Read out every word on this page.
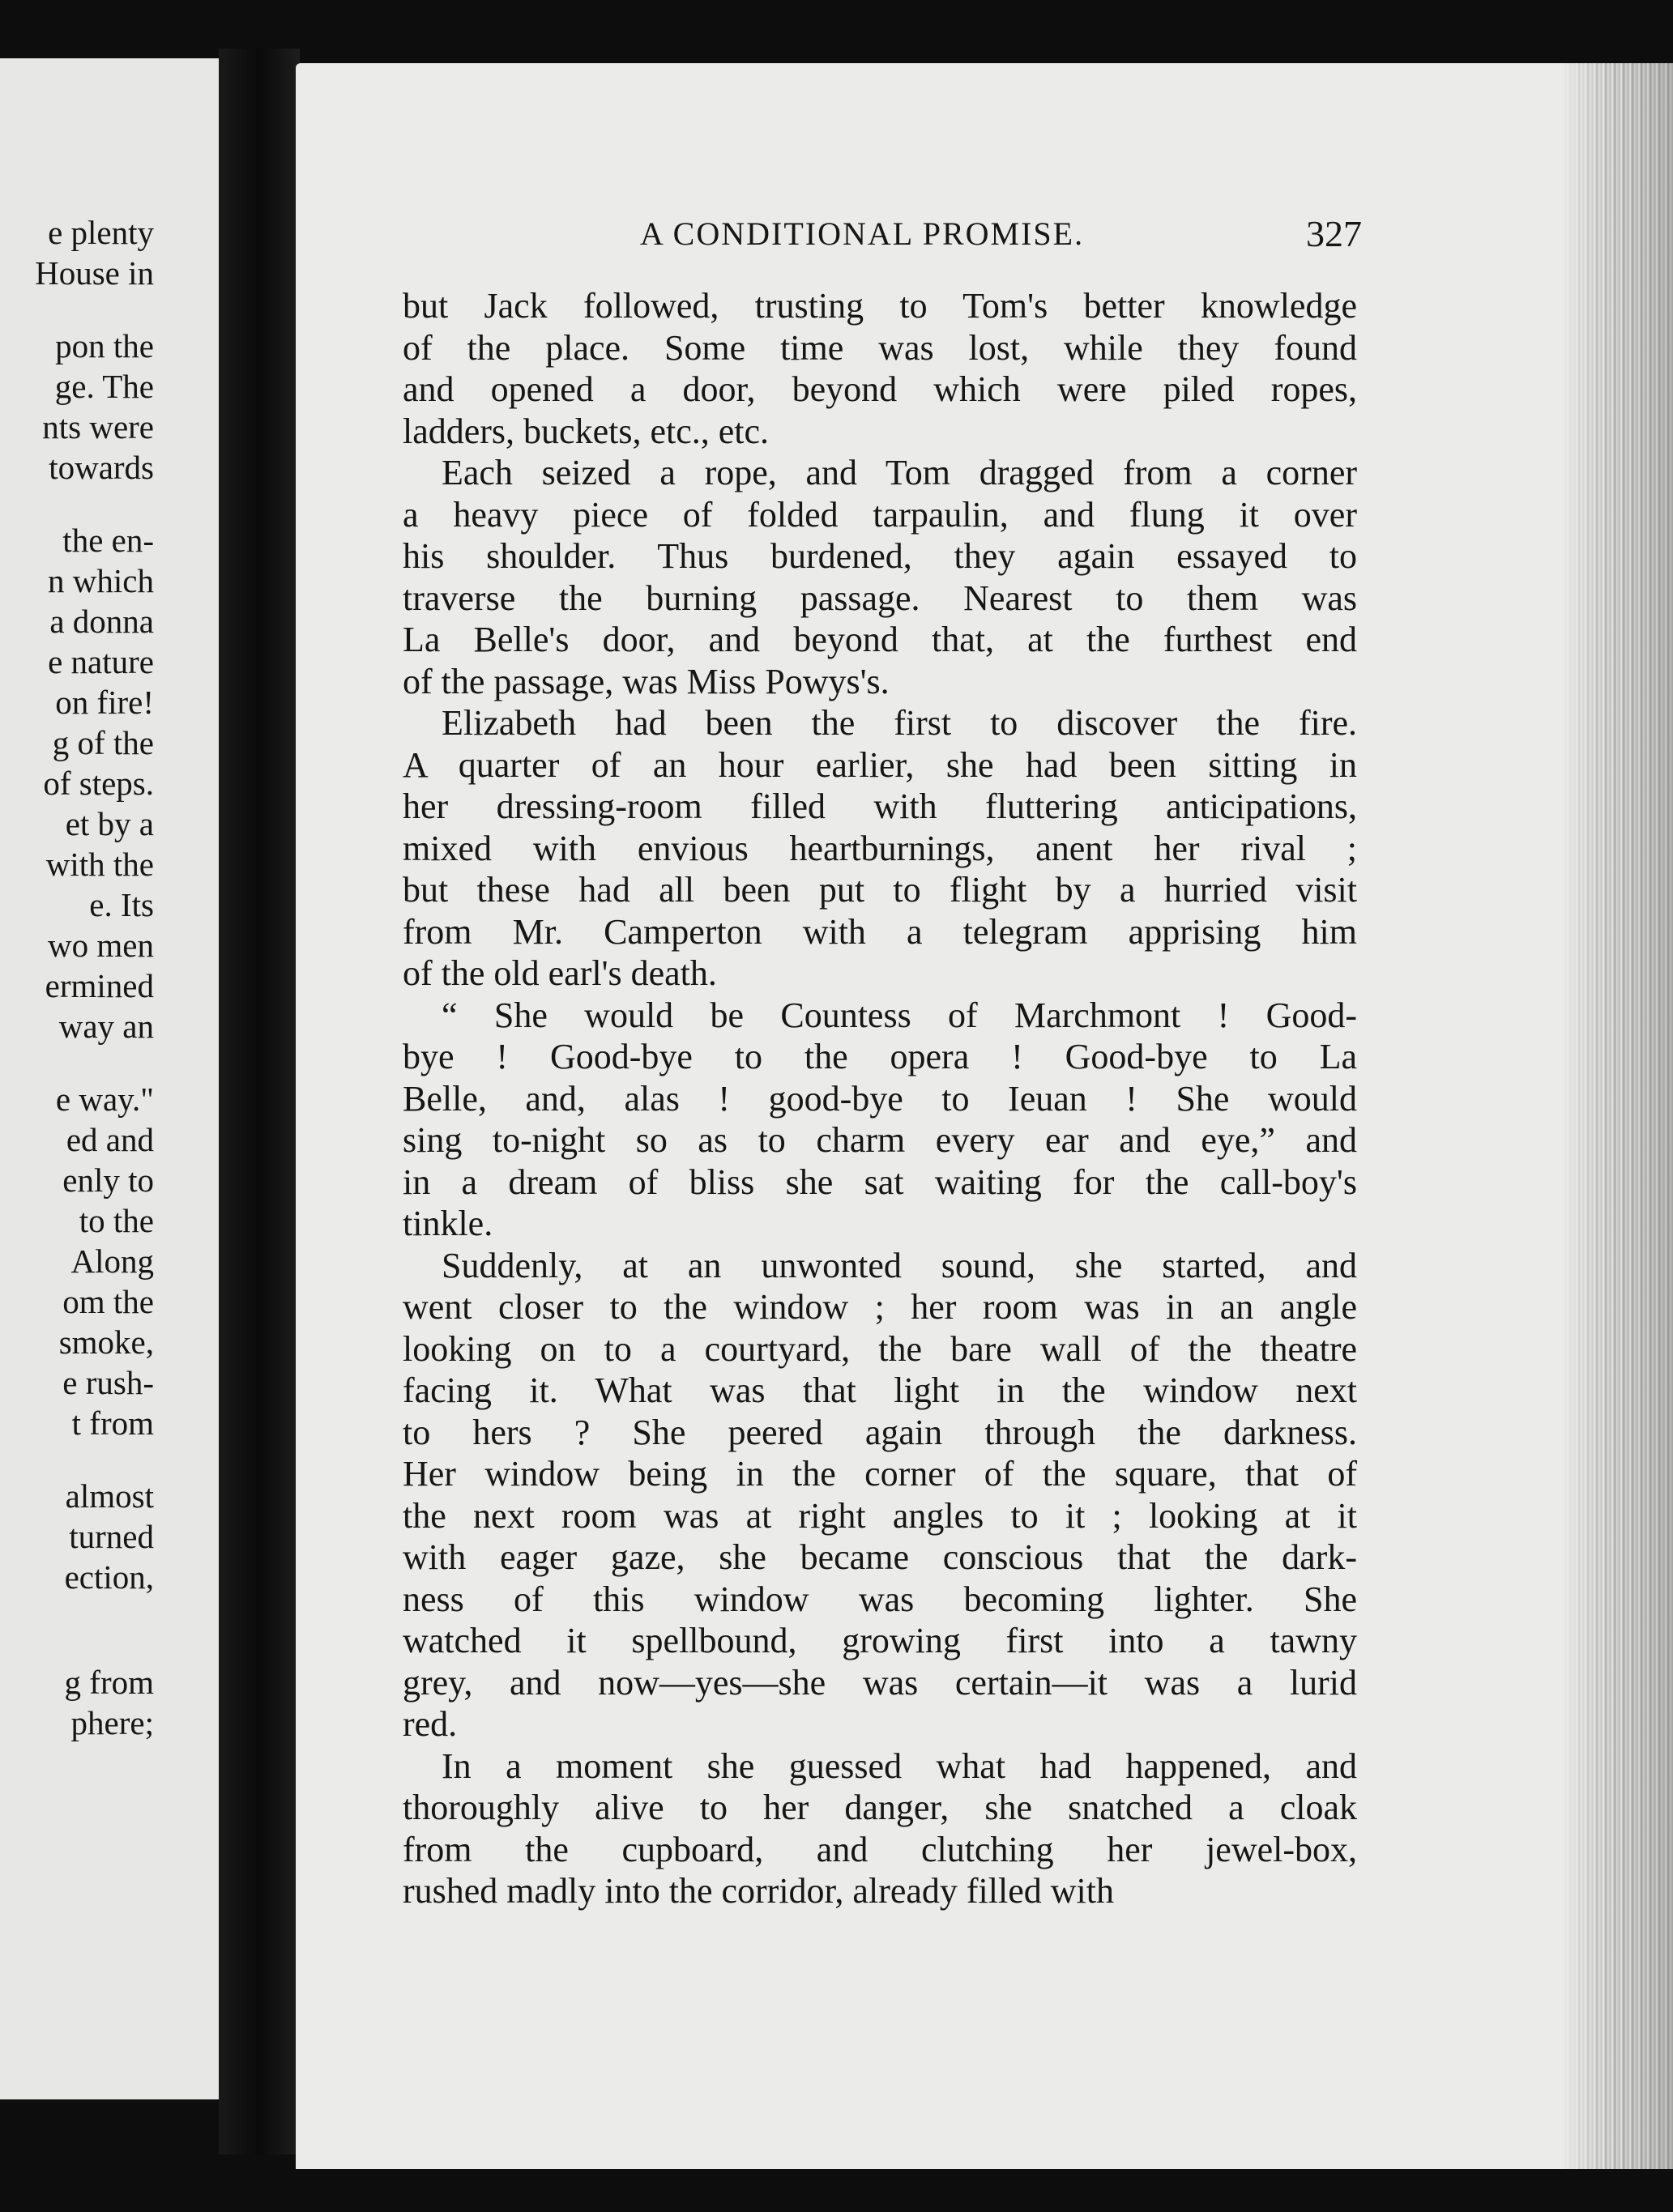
e plenty
House in
pon the
ge. The
nts were
towards
the en-
n which
a donna
e nature
on fire!
g of the
of steps.
et by a
with the
e. Its
wo men
ermined
way an
e way."
ed and
enly to
to the
Along
om the
smoke,
e rush-
t from
almost
turned
ection,
g from
phere;
A CONDITIONAL PROMISE.	327
but Jack followed, trusting to Tom's better knowledge
of the place. Some time was lost, while they found
and opened a door, beyond which were piled ropes,
ladders, buckets, etc., etc.
Each seized a rope, and Tom dragged from a corner
a heavy piece of folded tarpaulin, and flung it over
his shoulder. Thus burdened, they again essayed to
traverse the burning passage. Nearest to them was
La Belle's door, and beyond that, at the furthest end
of the passage, was Miss Powys's.
Elizabeth had been the first to discover the fire.
A quarter of an hour earlier, she had been sitting in
her dressing-room filled with fluttering anticipations,
mixed with envious heartburnings, anent her rival ;
but these had all been put to flight by a hurried visit
from Mr. Camperton with a telegram apprising him
of the old earl's death.
“ She would be Countess of Marchmont ! Good-
bye ! Good-bye to the opera ! Good-bye to La
Belle, and, alas ! good-bye to Ieuan ! She would
sing to-night so as to charm every ear and eye,” and
in a dream of bliss she sat waiting for the call-boy's
tinkle.
Suddenly, at an unwonted sound, she started, and
went closer to the window ; her room was in an angle
looking on to a courtyard, the bare wall of the theatre
facing it. What was that light in the window next
to hers ? She peered again through the darkness.
Her window being in the corner of the square, that of
the next room was at right angles to it ; looking at it
with eager gaze, she became conscious that the dark-
ness of this window was becoming lighter. She
watched it spellbound, growing first into a tawny
grey, and now—yes—she was certain—it was a lurid
red.
In a moment she guessed what had happened, and
thoroughly alive to her danger, she snatched a cloak
from the cupboard, and clutching her jewel-box,
rushed madly into the corridor, already filled with
